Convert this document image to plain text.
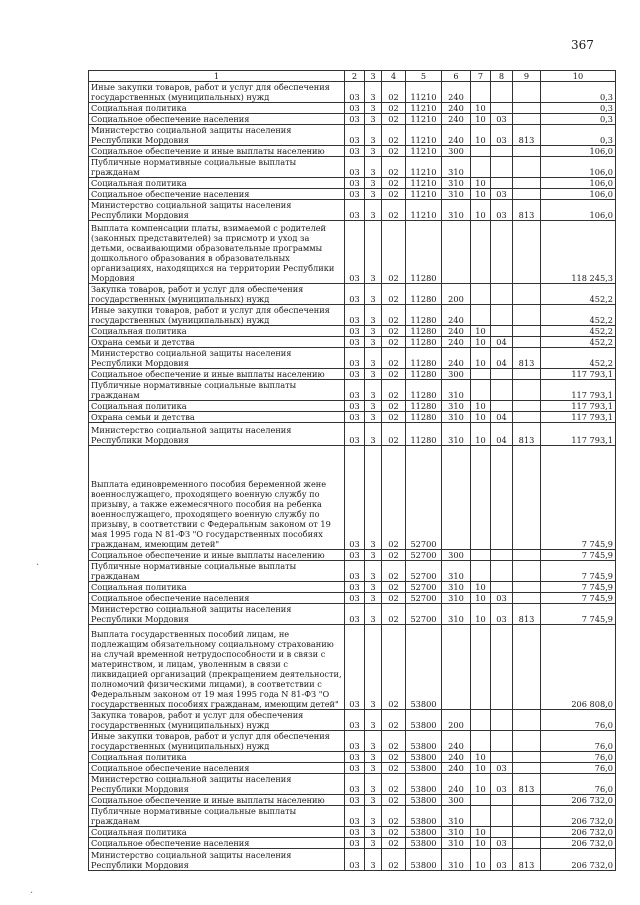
367
1	2	3	4	5	6	7	8	9	10
Иные закупки товаров, работ и услуг для обеспечения государственных (муниципальных) нужд	03	3	02	11210	240				0,3
Социальная политика	03	3	02	11210	240	10			0,3
Социальное обеспечение населения	03	3	02	11210	240	10	03		0,3
Министерство социальной защиты населения Республики Мордовия	03	3	02	11210	240	10	03	813	0,3
Социальное обеспечение и иные выплаты населению	03	3	02	11210	300				106,0
Публичные нормативные социальные выплаты гражданам	03	3	02	11210	310				106,0
Социальная политика	03	3	02	11210	310	10			106,0
Социальное обеспечение населения	03	3	02	11210	310	10	03		106,0
Министерство социальной защиты населения Республики Мордовия	03	3	02	11210	310	10	03	813	106,0
Выплата компенсации платы, взимаемой с родителей (законных представителей) за присмотр и уход за детьми, осваивающими образовательные программы дошкольного образования в образовательных организациях, находящихся на территории Республики Мордовия	03	3	02	11280					118 245,3
Закупка товаров, работ и услуг для обеспечения государственных (муниципальных) нужд	03	3	02	11280	200				452,2
Иные закупки товаров, работ и услуг для обеспечения государственных (муниципальных) нужд	03	3	02	11280	240				452,2
Социальная политика	03	3	02	11280	240	10			452,2
Охрана семьи и детства	03	3	02	11280	240	10	04		452,2
Министерство социальной защиты населения Республики Мордовия	03	3	02	11280	240	10	04	813	452,2
Социальное обеспечение и иные выплаты населению	03	3	02	11280	300				117 793,1
Публичные нормативные социальные выплаты гражданам	03	3	02	11280	310				117 793,1
Социальная политика	03	3	02	11280	310	10			117 793,1
Охрана семьи и детства	03	3	02	11280	310	10	04		117 793,1
Министерство социальной защиты населения Республики Мордовия	03	3	02	11280	310	10	04	813	117 793,1
Выплата единовременного пособия беременной жене военнослужащего, проходящего военную службу по призыву, а также ежемесячного пособия на ребенка военнослужащего, проходящего военную службу по призыву, в соответствии с Федеральным законом от 19 мая 1995 года N 81-ФЗ "О государственных пособиях гражданам, имеющим детей"	03	3	02	52700					7 745,9
Социальное обеспечение и иные выплаты населению	03	3	02	52700	300				7 745,9
Публичные нормативные социальные выплаты гражданам	03	3	02	52700	310				7 745,9
Социальная политика	03	3	02	52700	310	10			7 745,9
Социальное обеспечение населения	03	3	02	52700	310	10	03		7 745,9
Министерство социальной защиты населения Республики Мордовия	03	3	02	52700	310	10	03	813	7 745,9
Выплата государственных пособий лицам, не подлежащим обязательному социальному страхованию на случай временной нетрудоспособности и в связи с материнством, и лицам, уволенным в связи с ликвидацией организаций (прекращением деятельности, полномочий физическими лицами), в соответствии с Федеральным законом от 19 мая 1995 года N 81-ФЗ "О государственных пособиях гражданам, имеющим детей"	03	3	02	53800					206 808,0
Закупка товаров, работ и услуг для обеспечения государственных (муниципальных) нужд	03	3	02	53800	200				76,0
Иные закупки товаров, работ и услуг для обеспечения государственных (муниципальных) нужд	03	3	02	53800	240				76,0
Социальная политика	03	3	02	53800	240	10			76,0
Социальное обеспечение населения	03	3	02	53800	240	10	03		76,0
Министерство социальной защиты населения Республики Мордовия	03	3	02	53800	240	10	03	813	76,0
Социальное обеспечение и иные выплаты населению	03	3	02	53800	300				206 732,0
Публичные нормативные социальные выплаты гражданам	03	3	02	53800	310				206 732,0
Социальная политика	03	3	02	53800	310	10			206 732,0
Социальное обеспечение населения	03	3	02	53800	310	10	03		206 732,0
Министерство социальной защиты населения Республики Мордовия	03	3	02	53800	310	10	03	813	206 732,0
·
·
